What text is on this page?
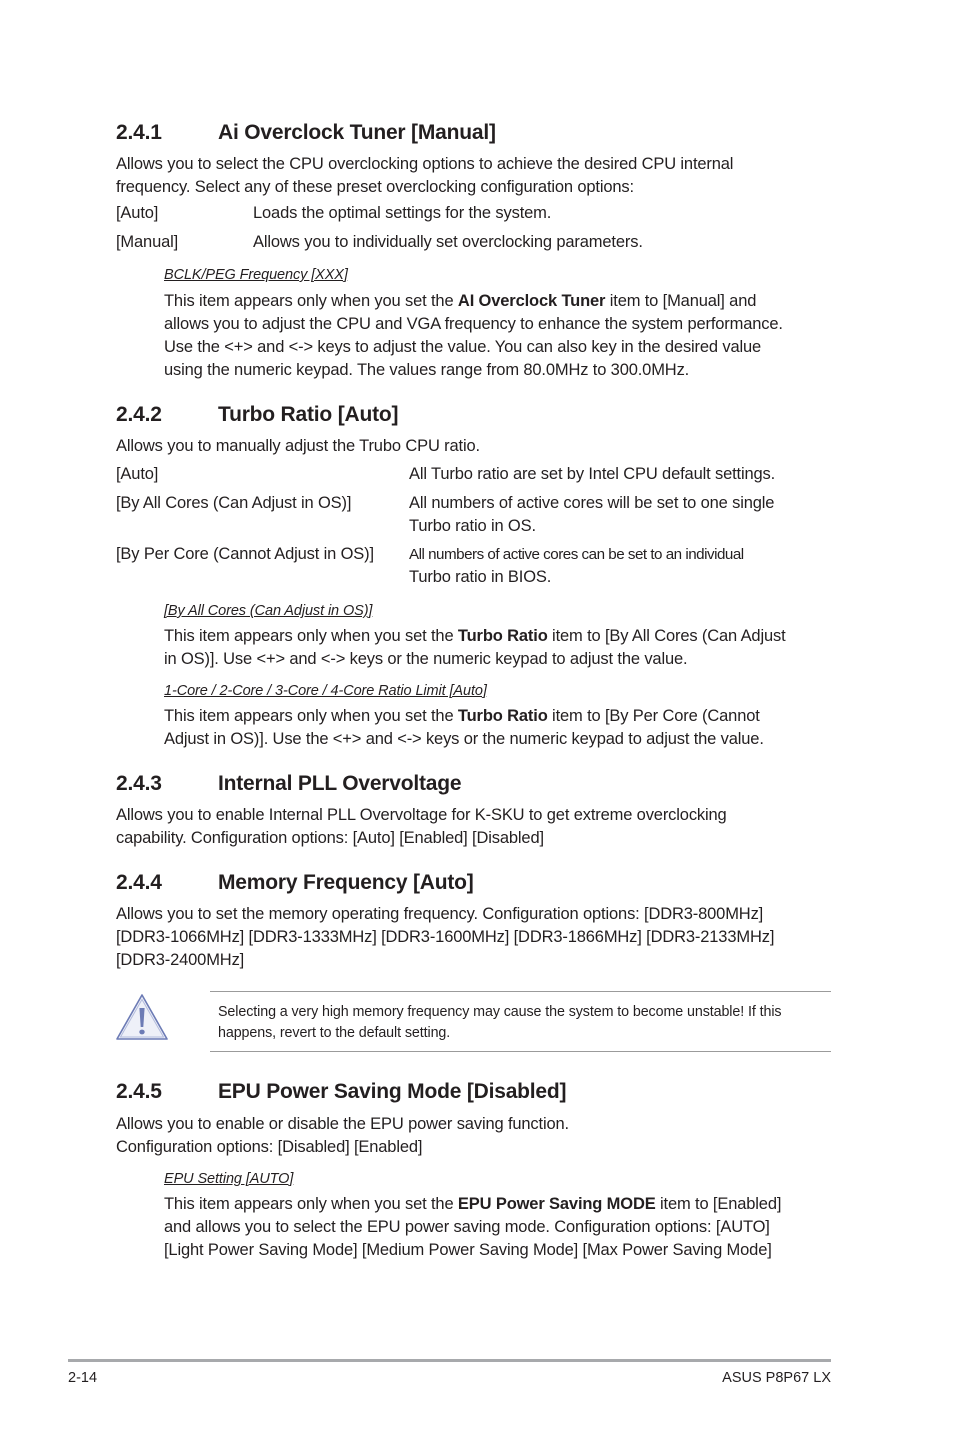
2.4.1	Ai Overclock Tuner [Manual]
Allows you to select the CPU overclocking options to achieve the desired CPU internal
frequency. Select any of these preset overclocking configuration options:
[Auto]	Loads the optimal settings for the system.
[Manual]	Allows you to individually set overclocking parameters.
BCLK/PEG Frequency [XXX]
This item appears only when you set the AI Overclock Tuner item to [Manual] and
allows you to adjust the CPU and VGA frequency to enhance the system performance.
Use the <+> and <-> keys to adjust the value. You can also key in the desired value
using the numeric keypad. The values range from 80.0MHz to 300.0MHz.
2.4.2	Turbo Ratio [Auto]
Allows you to manually adjust the Trubo CPU ratio.
[Auto]	All Turbo ratio are set by Intel CPU default settings.
[By All Cores (Can Adjust in OS)]	All numbers of active cores will be set to one single
Turbo ratio in OS.
[By Per Core (Cannot Adjust in OS)] All numbers of active cores can be set to an individual
Turbo ratio in BIOS.
[By All Cores (Can Adjust in OS)]
This item appears only when you set the Turbo Ratio item to [By All Cores (Can Adjust
in OS)]. Use <+> and <-> keys or the numeric keypad to adjust the value.
1-Core / 2-Core / 3-Core / 4-Core Ratio Limit [Auto]
This item appears only when you set the Turbo Ratio item to [By Per Core (Cannot
Adjust in OS)]. Use the <+> and <-> keys or the numeric keypad to adjust the value.
2.4.3	Internal PLL Overvoltage
Allows you to enable Internal PLL Overvoltage for K-SKU to get extreme overclocking
capability. Configuration options: [Auto] [Enabled] [Disabled]
2.4.4	Memory Frequency [Auto]
Allows you to set the memory operating frequency. Configuration options: [DDR3-800MHz]
[DDR3-1066MHz] [DDR3-1333MHz] [DDR3-1600MHz] [DDR3-1866MHz] [DDR3-2133MHz]
[DDR3-2400MHz]
Selecting a very high memory frequency may cause the system to become unstable! If this
happens, revert to the default setting.
2.4.5	EPU Power Saving Mode [Disabled]
Allows you to enable or disable the EPU power saving function.
Configuration options: [Disabled] [Enabled]
EPU Setting [AUTO]
This item appears only when you set the EPU Power Saving MODE item to [Enabled]
and allows you to select the EPU power saving mode. Configuration options: [AUTO]
[Light Power Saving Mode] [Medium Power Saving Mode] [Max Power Saving Mode]
2-14	ASUS P8P67 LX
